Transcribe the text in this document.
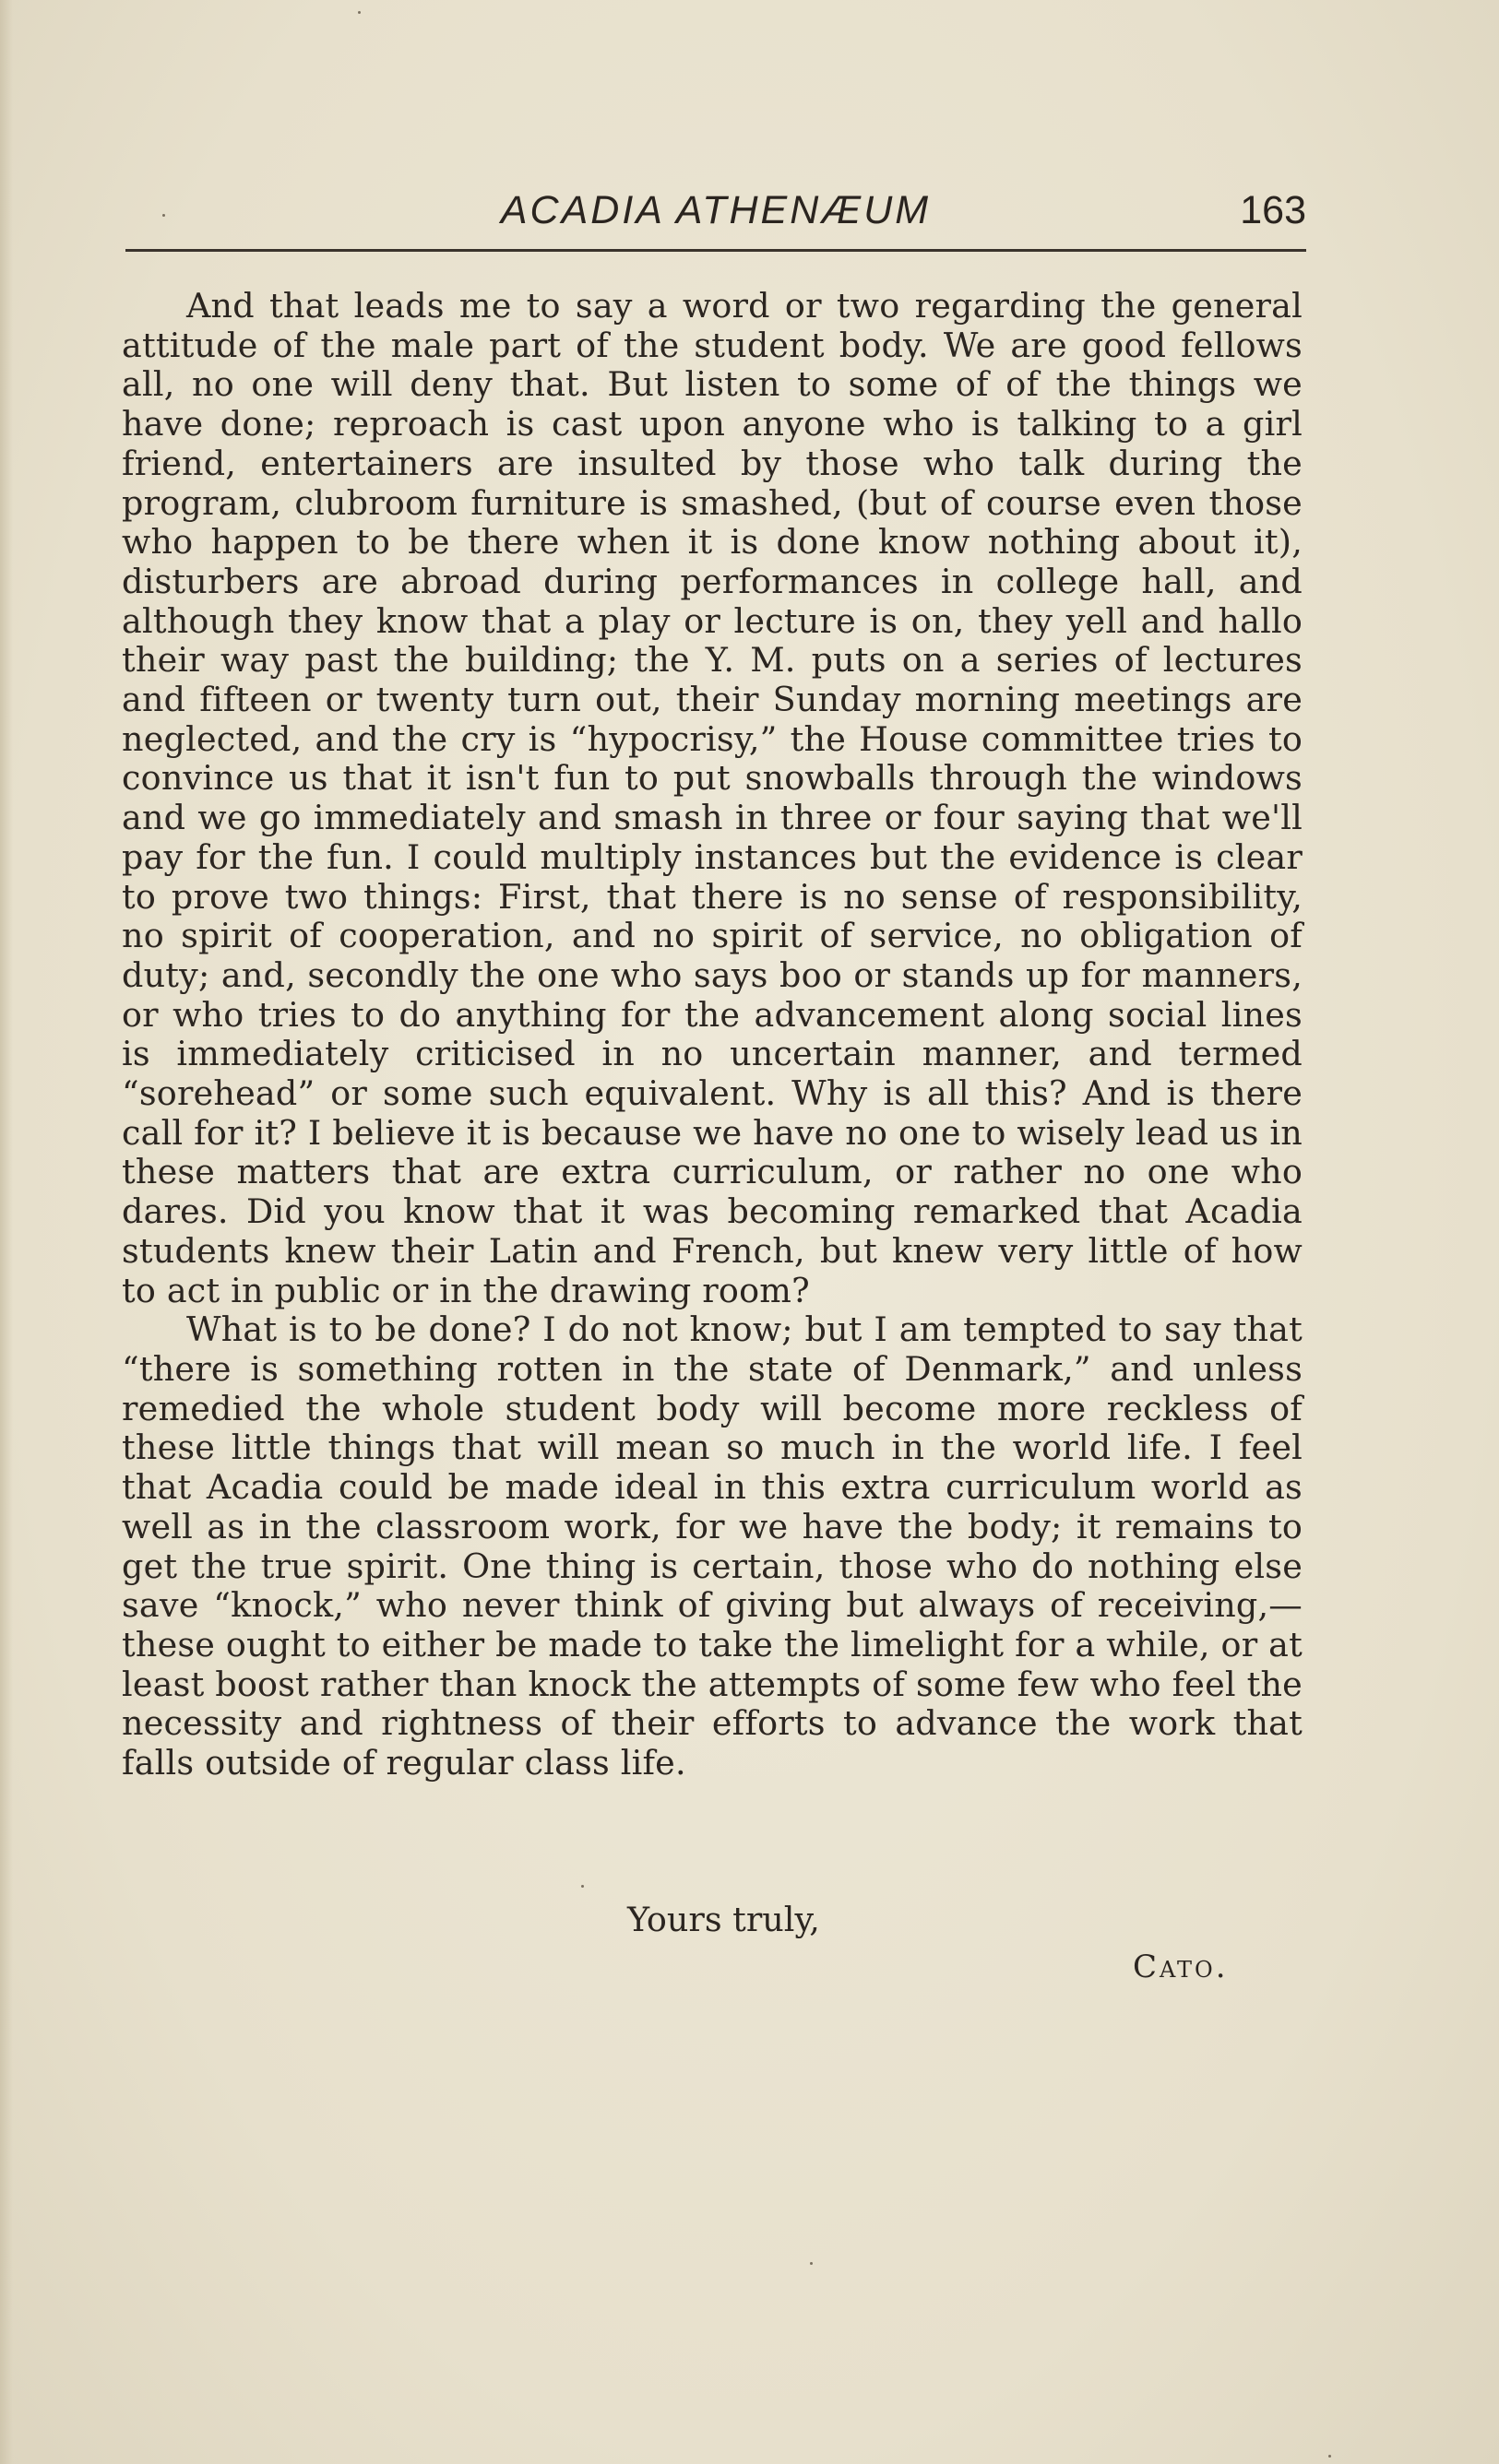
ACADIA ATHENÆUM	163

And that leads me to say a word or two regarding the general attitude of the male part of the student body. We are good fellows all, no one will deny that. But listen to some of of the things we have done; reproach is cast upon anyone who is talking to a girl friend, entertainers are insulted by those who talk during the program, clubroom furniture is smashed, (but of course even those who happen to be there when it is done know nothing about it), disturbers are abroad during performances in college hall, and although they know that a play or lecture is on, they yell and hallo their way past the building; the Y. M. puts on a series of lectures and fifteen or twenty turn out, their Sunday morning meetings are neglected, and the cry is “hypocrisy,” the House committee tries to convince us that it isn't fun to put snowballs through the windows and we go immediately and smash in three or four saying that we'll pay for the fun. I could multiply instances but the evidence is clear to prove two things: First, that there is no sense of responsibility, no spirit of cooperation, and no spirit of service, no obligation of duty; and, secondly the one who says boo or stands up for manners, or who tries to do anything for the advancement along social lines is immediately criticised in no uncertain manner, and termed “sorehead” or some such equivalent. Why is all this? And is there call for it? I believe it is because we have no one to wisely lead us in these matters that are extra curriculum, or rather no one who dares. Did you know that it was becoming remarked that Acadia students knew their Latin and French, but knew very little of how to act in public or in the drawing room?

What is to be done? I do not know; but I am tempted to say that “there is something rotten in the state of Denmark,” and unless remedied the whole student body will become more reckless of these little things that will mean so much in the world life. I feel that Acadia could be made ideal in this extra curriculum world as well as in the classroom work, for we have the body; it remains to get the true spirit. One thing is certain, those who do nothing else save “knock,” who never think of giving but always of receiving,—these ought to either be made to take the limelight for a while, or at least boost rather than knock the attempts of some few who feel the necessity and rightness of their efforts to advance the work that falls outside of regular class life.

Yours truly,
Cato.
